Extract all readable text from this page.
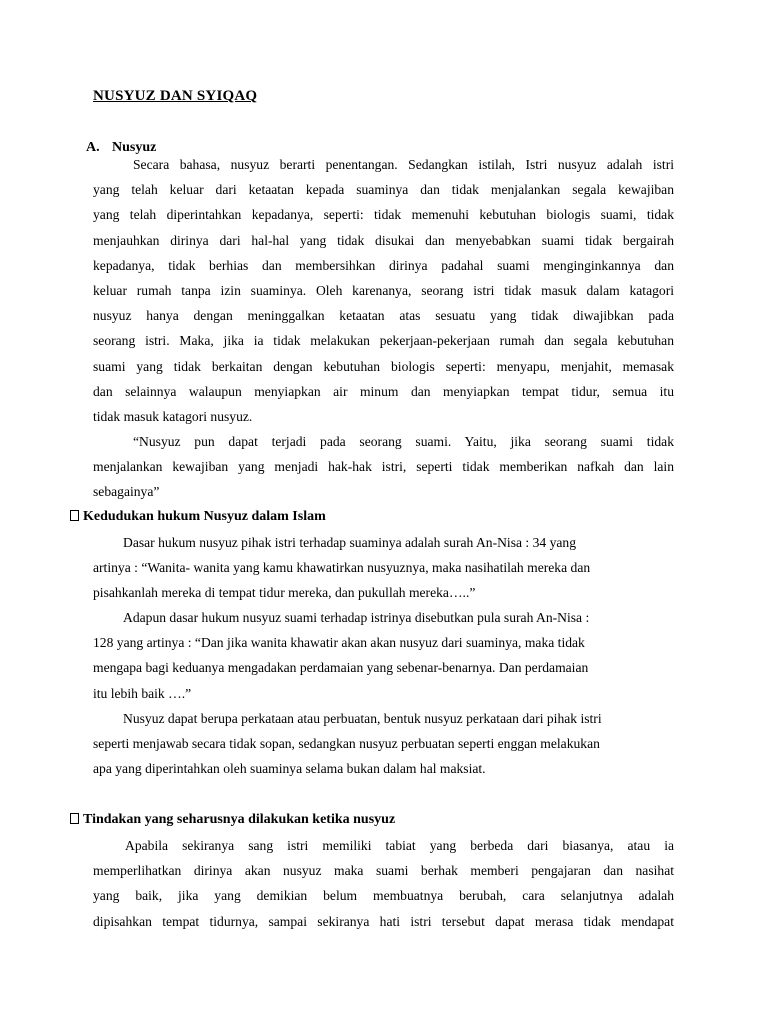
NUSYUZ DAN SYIQAQ
A. Nusyuz
Secara bahasa, nusyuz berarti penentangan. Sedangkan istilah, Istri nusyuz adalah istri
yang telah keluar dari ketaatan kepada suaminya dan tidak menjalankan segala kewajiban
yang telah diperintahkan kepadanya, seperti: tidak memenuhi kebutuhan biologis suami, tidak
menjauhkan dirinya dari hal-hal yang tidak disukai dan menyebabkan suami tidak bergairah
kepadanya, tidak berhias dan membersihkan dirinya padahal suami menginginkannya dan
keluar rumah tanpa izin suaminya. Oleh karenanya, seorang istri tidak masuk dalam katagori
nusyuz hanya dengan meninggalkan ketaatan atas sesuatu yang tidak diwajibkan pada
seorang istri. Maka, jika ia tidak melakukan pekerjaan-pekerjaan rumah dan segala kebutuhan
suami yang tidak berkaitan dengan kebutuhan biologis seperti: menyapu, menjahit, memasak
dan selainnya walaupun menyiapkan air minum dan menyiapkan tempat tidur, semua itu
tidak masuk katagori nusyuz.
“Nusyuz pun dapat terjadi pada seorang suami. Yaitu, jika seorang suami tidak
menjalankan kewajiban yang menjadi hak-hak istri, seperti tidak memberikan nafkah dan lain
sebagainya”
Kedudukan hukum Nusyuz dalam Islam
Dasar hukum nusyuz pihak istri terhadap suaminya adalah surah An-Nisa : 34 yang
artinya : “Wanita- wanita yang kamu khawatirkan nusyuznya, maka nasihatilah mereka dan
pisahkanlah mereka di tempat tidur mereka, dan pukullah mereka…..”
Adapun dasar hukum nusyuz suami terhadap istrinya disebutkan pula surah An-Nisa :
128 yang artinya : “Dan jika wanita khawatir akan akan nusyuz dari suaminya, maka tidak
mengapa bagi keduanya mengadakan perdamaian yang sebenar-benarnya. Dan perdamaian
itu lebih baik ….”
Nusyuz dapat berupa perkataan atau perbuatan, bentuk nusyuz perkataan dari pihak istri
seperti menjawab secara tidak sopan, sedangkan nusyuz perbuatan seperti enggan melakukan
apa yang diperintahkan oleh suaminya selama bukan dalam hal maksiat.
Tindakan yang seharusnya dilakukan ketika nusyuz
Apabila sekiranya sang istri memiliki tabiat yang berbeda dari biasanya, atau ia
memperlihatkan dirinya akan nusyuz maka suami berhak memberi pengajaran dan nasihat
yang baik, jika yang demikian belum membuatnya berubah, cara selanjutnya adalah
dipisahkan tempat tidurnya, sampai sekiranya hati istri tersebut dapat merasa tidak mendapat
